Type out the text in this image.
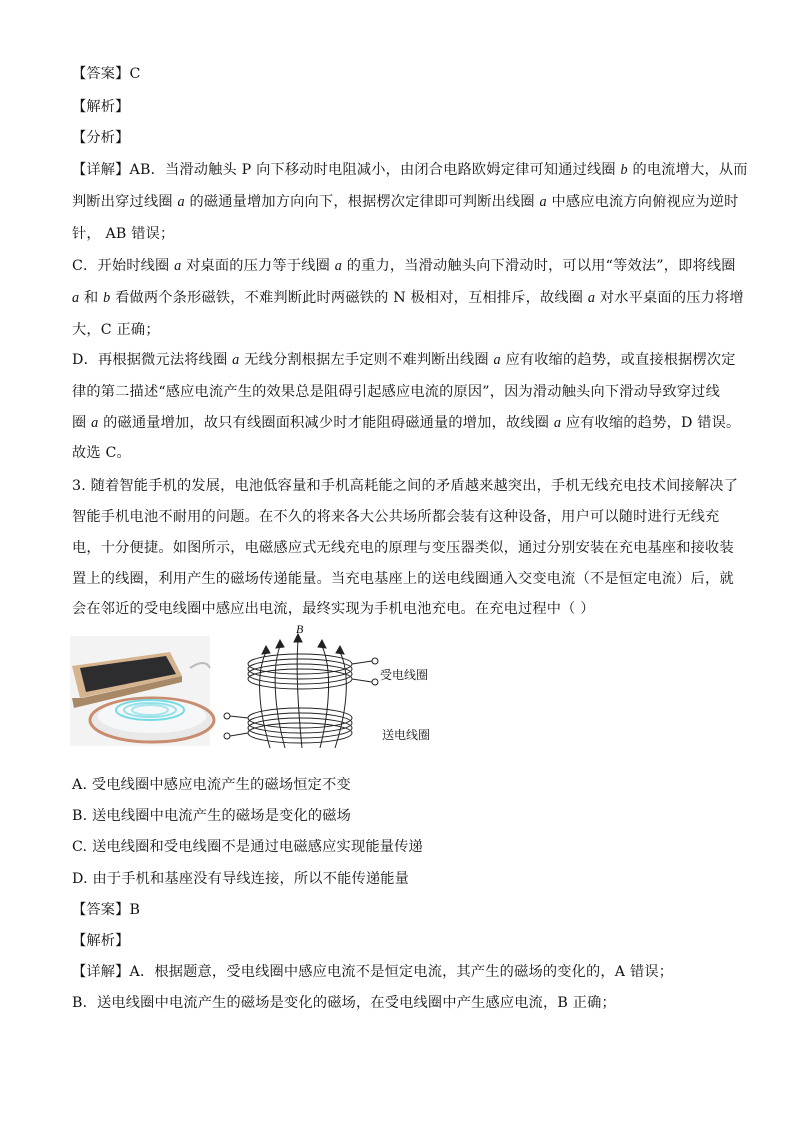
【答案】C
【解析】
【分析】
【详解】AB．当滑动触头 P 向下移动时电阻减小，由闭合电路欧姆定律可知通过线圈 b 的电流增大，从而
判断出穿过线圈 a 的磁通量增加方向向下，根据楞次定律即可判断出线圈 a 中感应电流方向俯视应为逆时
针， AB 错误；
C．开始时线圈 a 对桌面的压力等于线圈 a 的重力，当滑动触头向下滑动时，可以用“等效法”，即将线圈
a 和 b 看做两个条形磁铁，不难判断此时两磁铁的 N 极相对，互相排斥，故线圈 a 对水平桌面的压力将增
大，C 正确；
D．再根据微元法将线圈 a 无线分割根据左手定则不难判断出线圈 a 应有收缩的趋势，或直接根据楞次定
律的第二描述“感应电流产生的效果总是阻碍引起感应电流的原因”，因为滑动触头向下滑动导致穿过线
圈 a 的磁通量增加，故只有线圈面积减少时才能阻碍磁通量的增加，故线圈 a 应有收缩的趋势，D 错误。
故选 C。
3. 随着智能手机的发展，电池低容量和手机高耗能之间的矛盾越来越突出，手机无线充电技术间接解决了
智能手机电池不耐用的问题。在不久的将来各大公共场所都会装有这种设备，用户可以随时进行无线充
电，十分便捷。如图所示，电磁感应式无线充电的原理与变压器类似，通过分别安装在充电基座和接收装
置上的线圈，利用产生的磁场传递能量。当充电基座上的送电线圈通入交变电流（不是恒定电流）后，就
会在邻近的受电线圈中感应出电流，最终实现为手机电池充电。在充电过程中（ ）
B
受电线圈
送电线圈
A. 受电线圈中感应电流产生的磁场恒定不变
B. 送电线圈中电流产生的磁场是变化的磁场
C. 送电线圈和受电线圈不是通过电磁感应实现能量传递
D. 由于手机和基座没有导线连接，所以不能传递能量
【答案】B
【解析】
【详解】A．根据题意，受电线圈中感应电流不是恒定电流，其产生的磁场的变化的，A 错误；
B．送电线圈中电流产生的磁场是变化的磁场，在受电线圈中产生感应电流，B 正确；
